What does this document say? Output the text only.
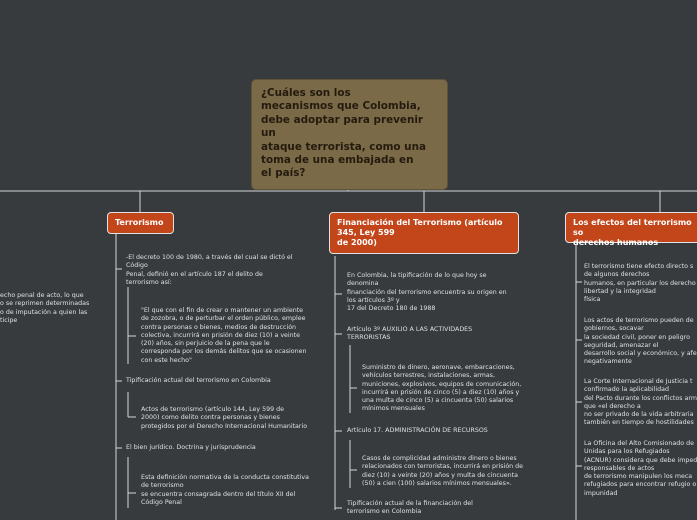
¿Cuáles son los
mecanismos que Colombia,
debe adoptar para prevenir
un
ataque terrorista, como una
toma de una embajada en
el país?
echo penal de acto, lo que
o se reprimen determinadas
o de imputación a quien las
ticipe
Terrorismo
-El decreto 100 de 1980, a través del cual se dictó el
Código
Penal, definió en el artículo 187 el delito de
terrorismo así:
"El que con el fin de crear o mantener un ambiente
de zozobra, o de perturbar el orden público, emplee
contra personas o bienes, medios de destrucción
colectiva, incurrirá en prisión de diez (10) a veinte
(20) años, sin perjuicio de la pena que le
corresponda por los demás delitos que se ocasionen
con este hecho"
Tipificación actual del terrorismo en Colombia
Actos de terrorismo (artículo 144, Ley 599 de
2000) como delito contra personas y bienes
protegidos por el Derecho Internacional Humanitario
El bien jurídico. Doctrina y jurisprudencia
Esta definición normativa de la conducta constitutiva
de terrorismo
se encuentra consagrada dentro del título XII del
Código Penal
Financiación del Terrorismo (artículo
345, Ley 599
de 2000)
En Colombia, la tipificación de lo que hoy se
denomina
financiación del terrorismo encuentra su origen en
los artículos 3º y
17 del Decreto 180 de 1988
Artículo 3º AUXILIO A LAS ACTIVIDADES
TERRORISTAS
Suministro de dinero, aeronave, embarcaciones,
vehículos terrestres, instalaciones, armas,
municiones, explosivos, equipos de comunicación,
incurrirá en prisión de cinco (5) a diez (10) años y
una multa de cinco (5) a cincuenta (50) salarios
mínimos mensuales
Artículo 17. ADMINISTRACIÓN DE RECURSOS
Casos de complicidad administre dinero o bienes
relacionados con terroristas, incurrirá en prisión de
diez (10) a veinte (20) años y multa de cincuenta
(50) a cien (100) salarios mínimos mensuales».
Tipificación actual de la financiación del
terrorismo en Colombia
Los efectos del terrorismo so
derechos humanos
El terrorismo tiene efecto directo s
de algunos derechos
humanos, en particular los derecho
libertad y la integridad
física
Los actos de terrorismo pueden de
gobiernos, socavar
la sociedad civil, poner en peligro
seguridad, amenazar el
desarrollo social y económico, y afe
negativamente
La Corte Internacional de Justicia t
confirmado la aplicabilidad
del Pacto durante los conflictos arm
que «el derecho a
no ser privado de la vida arbitraria
también en tiempo de hostilidades
La Oficina del Alto Comisionado de
Unidas para los Refugiados
(ACNUR) considera que debe imped
responsables de actos
de terrorismo manipulen los meca
refugiados para encontrar refugio o
impunidad
